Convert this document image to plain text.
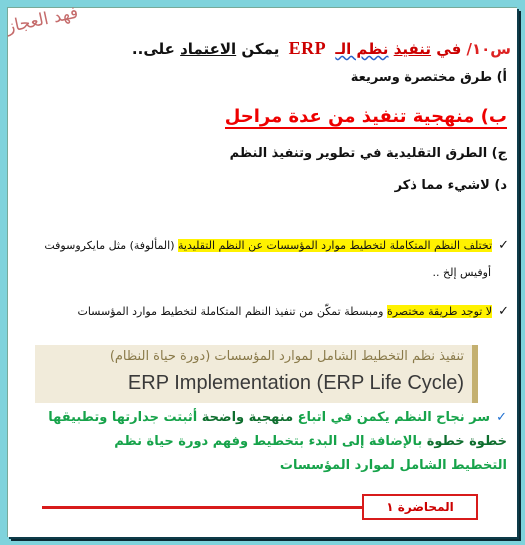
فهد العجاز
س١٠/ في تنفيذ نظم الـ ERP يمكن الاعتماد على..
أ) طرق مختصرة وسريعة
ب) منهجية تنفيذ من عدة مراحل
ج) الطرق التقليدية في تطوير وتنفيذ النظم
د) لاشيء مما ذكر
✓تختلف النظم المتكاملة لتخطيط موارد المؤسسات عن النظم التقليدية (المألوفة) مثل مايكروسوفت
أوفيس إلخ ..
✓لا توجد طريقة مختصرة ومبسطة تمكّن من تنفيذ النظم المتكاملة لتخطيط موارد المؤسسات
تنفيذ نظم التخطيط الشامل لموارد المؤسسات (دورة حياة النظام)
ERP Implementation (ERP Life Cycle)
✓سر نجاح النظم يكمن في اتباع منهجية واضحة أثبتت جدارتها وتطبيقها
خطوة خطوة بالإضافة إلى البدء بتخطيط وفهم دورة حياة نظم
التخطيط الشامل لموارد المؤسسات
المحاضرة ١
